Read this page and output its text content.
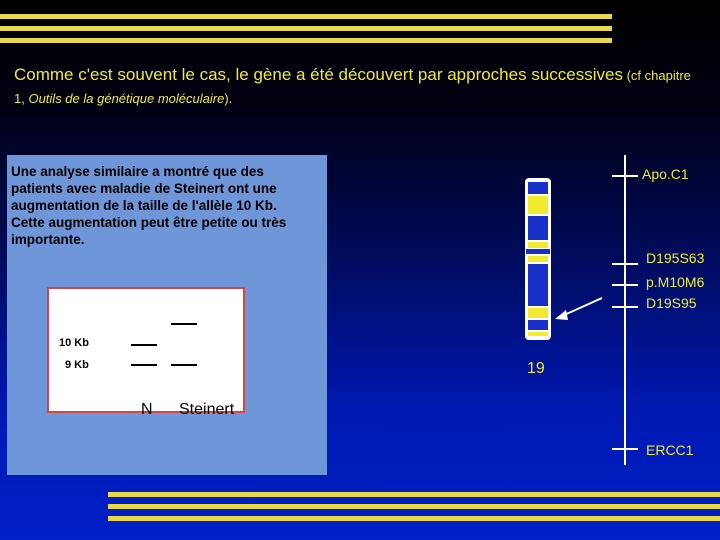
Comme c'est souvent le cas, le gène a été découvert par approches successives (cf chapitre 1, Outils de la génétique moléculaire).
Une analyse similaire a montré que des patients avec maladie de Steinert ont une augmentation de la taille de l'allèle 10 Kb. Cette augmentation peut être petite ou très importante.
10 Kb
9 Kb
N Steinert
19
Apo.C1
D195S63
p.M10M6
D19S95
ERCC1
